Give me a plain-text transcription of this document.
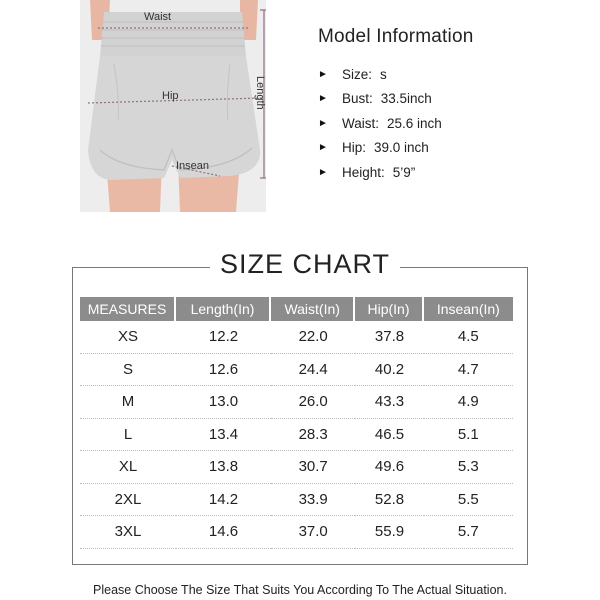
Waist
Hip
Insean
Length
Model Information
►	Size: s
►	Bust: 33.5inch
►	Waist: 25.6 inch
►	Hip: 39.0 inch
►	Height: 5’9”
SIZE CHART
MEASURES	Length(In)	Waist(In)	Hip(In)	Insean(In)
XS	12.2	22.0	37.8	4.5
S	12.6	24.4	40.2	4.7
M	13.0	26.0	43.3	4.9
L	13.4	28.3	46.5	5.1
XL	13.8	30.7	49.6	5.3
2XL	14.2	33.9	52.8	5.5
3XL	14.6	37.0	55.9	5.7
Please Choose The Size That Suits You According To The Actual Situation.
